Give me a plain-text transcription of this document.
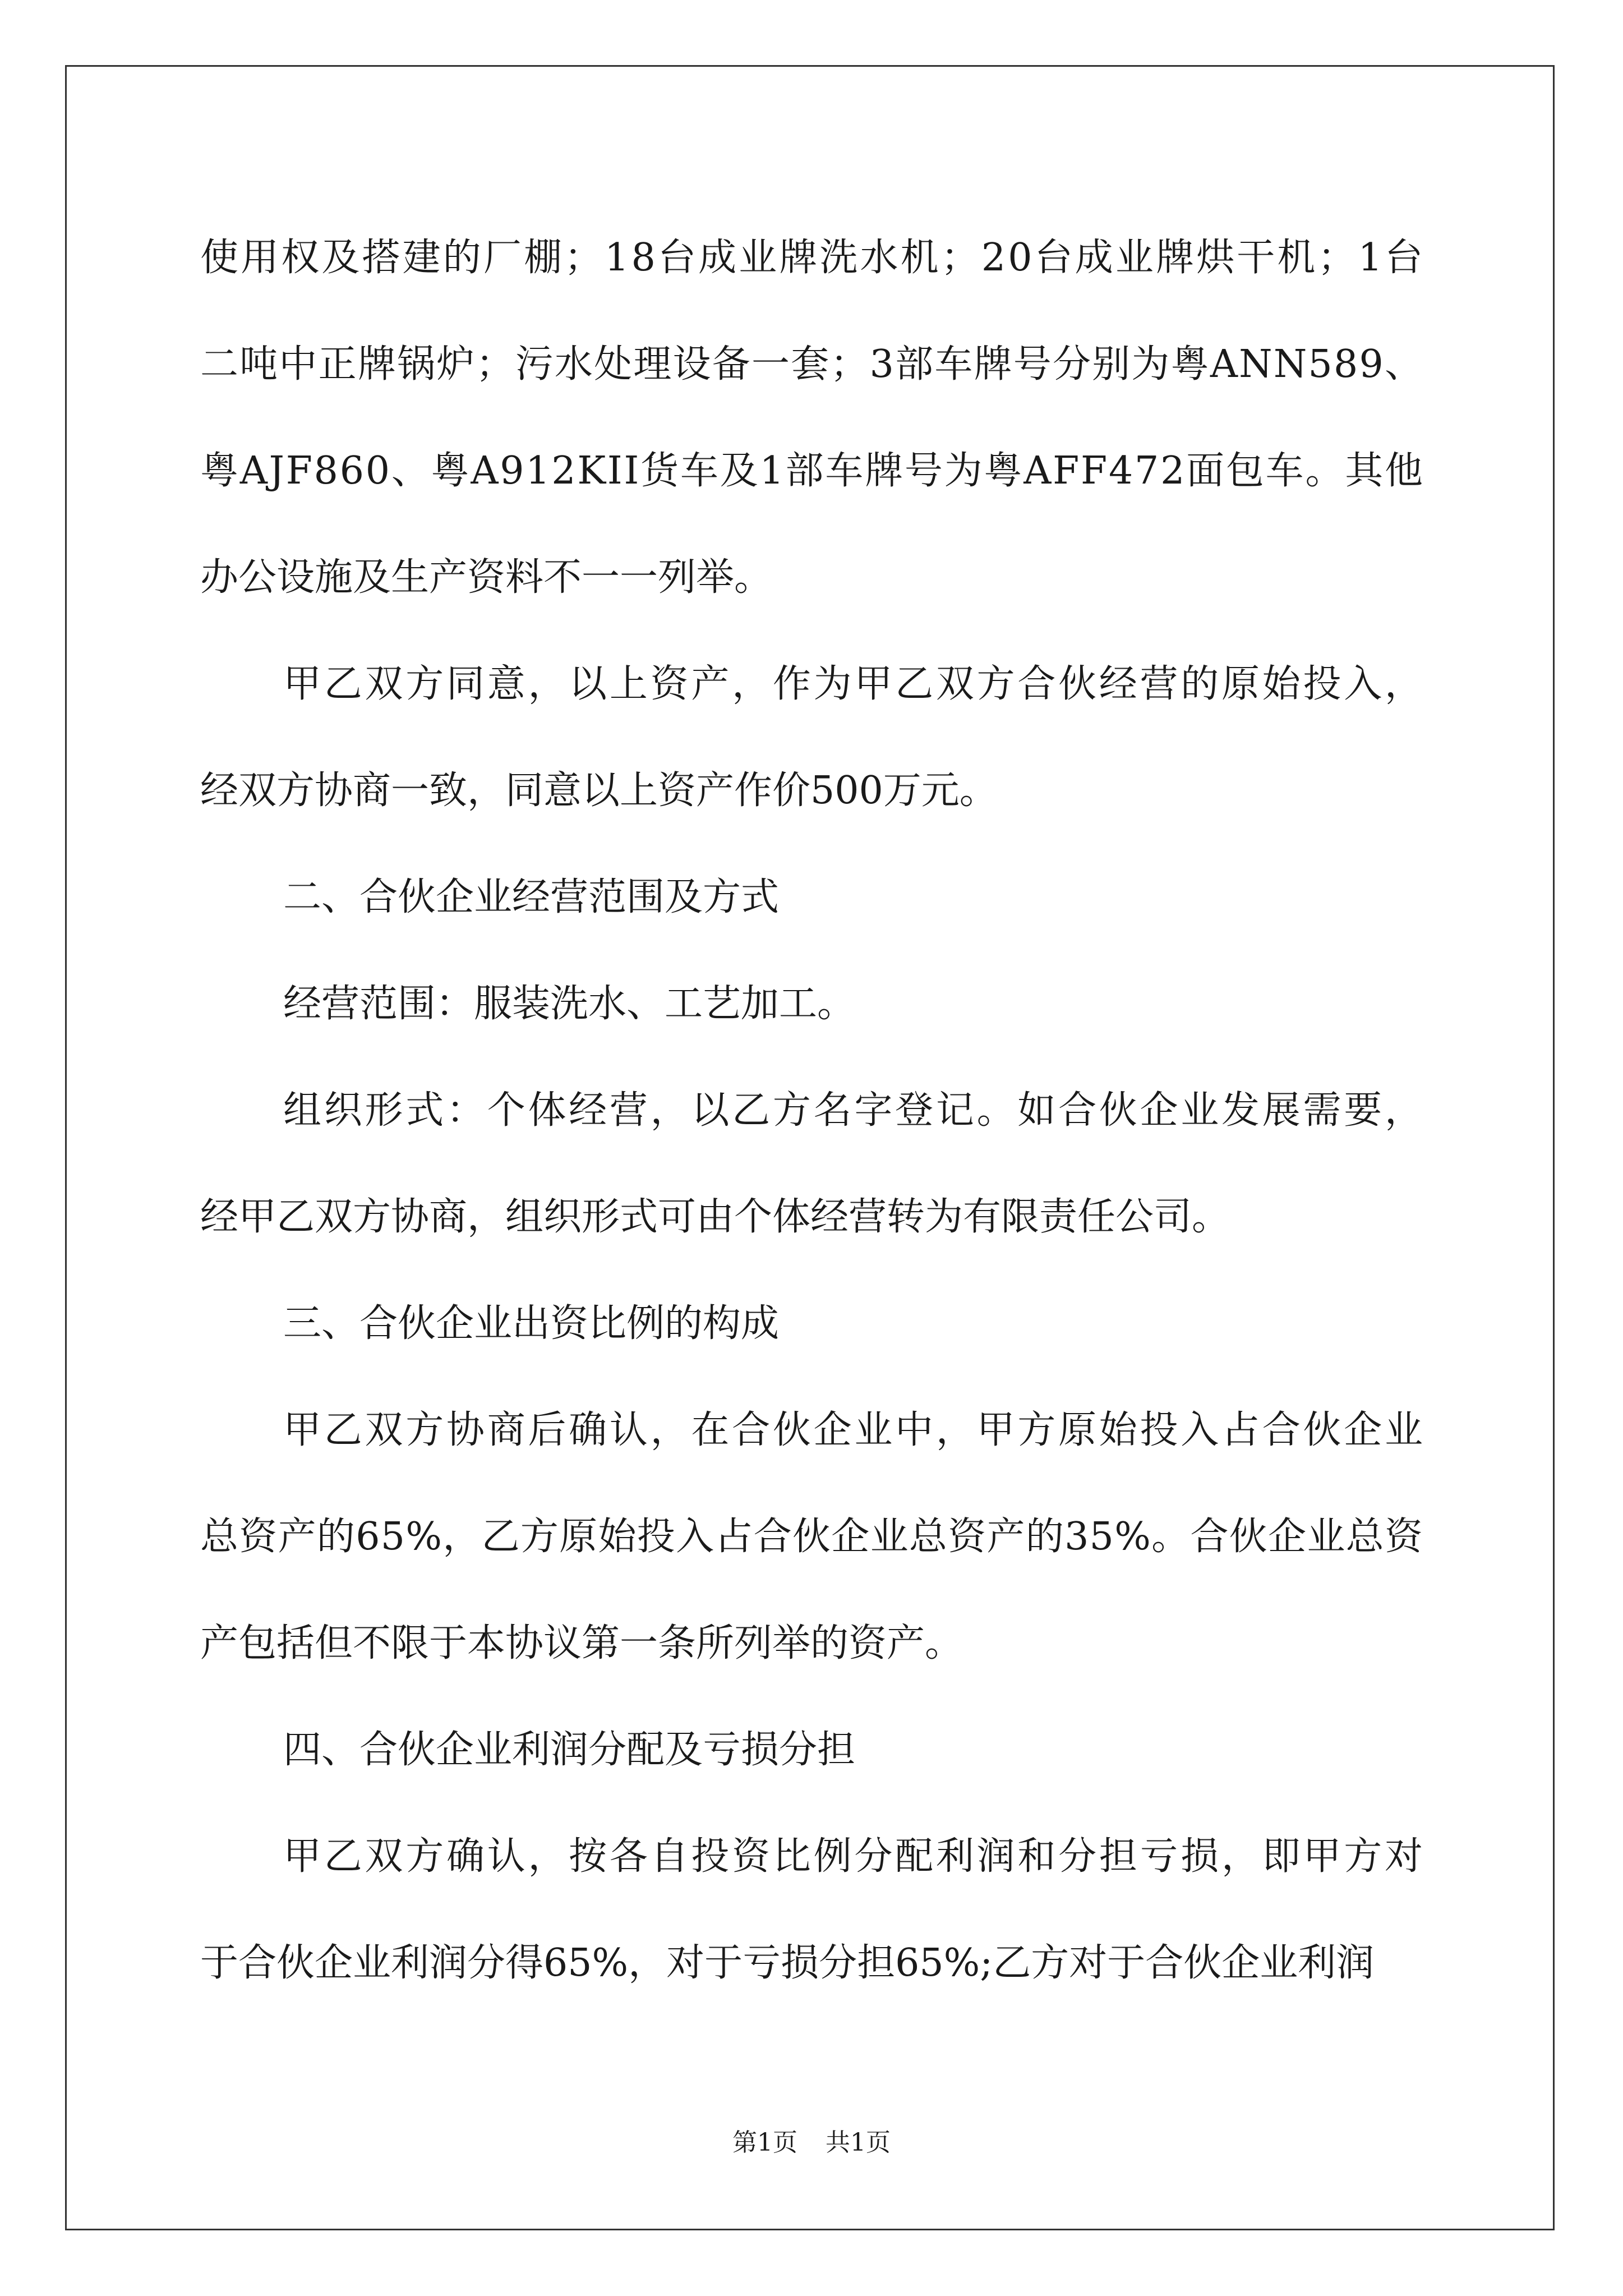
使用权及搭建的厂棚；18台成业牌洗水机；20台成业牌烘干机；1台
二吨中正牌锅炉；污水处理设备一套；3部车牌号分别为粤ANN589、
粤AJF860、粤A912KII货车及1部车牌号为粤AFF472面包车。其他
办公设施及生产资料不一一列举。
甲乙双方同意，以上资产，作为甲乙双方合伙经营的原始投入，
经双方协商一致，同意以上资产作价500万元。
二、合伙企业经营范围及方式
经营范围：服装洗水、工艺加工。
组织形式：个体经营，以乙方名字登记。如合伙企业发展需要，
经甲乙双方协商，组织形式可由个体经营转为有限责任公司。
三、合伙企业出资比例的构成
甲乙双方协商后确认，在合伙企业中，甲方原始投入占合伙企业
总资产的65%，乙方原始投入占合伙企业总资产的35%。合伙企业总资
产包括但不限于本协议第一条所列举的资产。
四、合伙企业利润分配及亏损分担
甲乙双方确认，按各自投资比例分配利润和分担亏损，即甲方对
于合伙企业利润分得65%，对于亏损分担65%;乙方对于合伙企业利润
第1页 共1页
